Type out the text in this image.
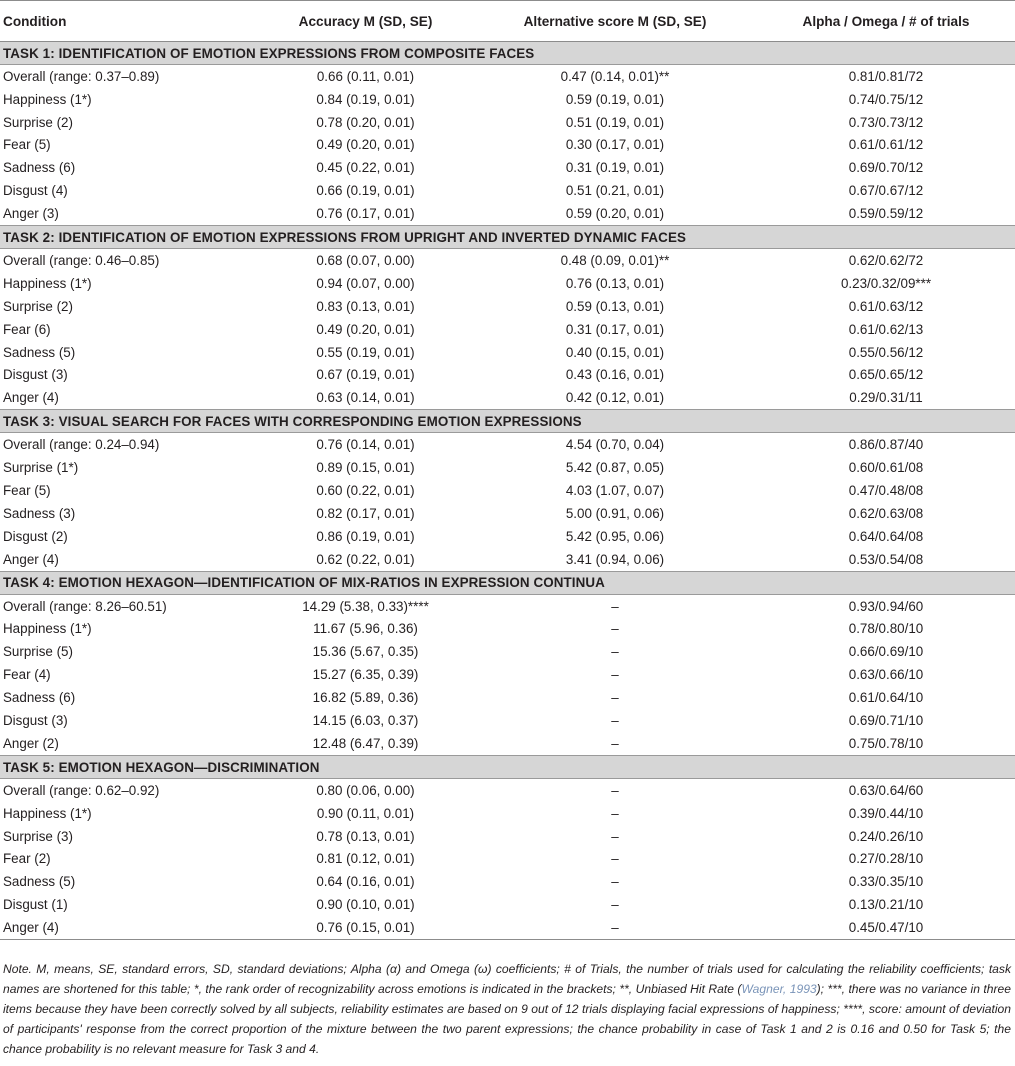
Condition	Accuracy M (SD, SE)	Alternative score M (SD, SE)	Alpha / Omega / # of trials
TASK 1: IDENTIFICATION OF EMOTION EXPRESSIONS FROM COMPOSITE FACES			
Overall (range: 0.37–0.89)	0.66 (0.11, 0.01)	0.47 (0.14, 0.01)**	0.81/0.81/72
Happiness (1*)	0.84 (0.19, 0.01)	0.59 (0.19, 0.01)	0.74/0.75/12
Surprise (2)	0.78 (0.20, 0.01)	0.51 (0.19, 0.01)	0.73/0.73/12
Fear (5)	0.49 (0.20, 0.01)	0.30 (0.17, 0.01)	0.61/0.61/12
Sadness (6)	0.45 (0.22, 0.01)	0.31 (0.19, 0.01)	0.69/0.70/12
Disgust (4)	0.66 (0.19, 0.01)	0.51 (0.21, 0.01)	0.67/0.67/12
Anger (3)	0.76 (0.17, 0.01)	0.59 (0.20, 0.01)	0.59/0.59/12
TASK 2: IDENTIFICATION OF EMOTION EXPRESSIONS FROM UPRIGHT AND INVERTED DYNAMIC FACES			
Overall (range: 0.46–0.85)	0.68 (0.07, 0.00)	0.48 (0.09, 0.01)**	0.62/0.62/72
Happiness (1*)	0.94 (0.07, 0.00)	0.76 (0.13, 0.01)	0.23/0.32/09***
Surprise (2)	0.83 (0.13, 0.01)	0.59 (0.13, 0.01)	0.61/0.63/12
Fear (6)	0.49 (0.20, 0.01)	0.31 (0.17, 0.01)	0.61/0.62/13
Sadness (5)	0.55 (0.19, 0.01)	0.40 (0.15, 0.01)	0.55/0.56/12
Disgust (3)	0.67 (0.19, 0.01)	0.43 (0.16, 0.01)	0.65/0.65/12
Anger (4)	0.63 (0.14, 0.01)	0.42 (0.12, 0.01)	0.29/0.31/11
TASK 3: VISUAL SEARCH FOR FACES WITH CORRESPONDING EMOTION EXPRESSIONS			
Overall (range: 0.24–0.94)	0.76 (0.14, 0.01)	4.54 (0.70, 0.04)	0.86/0.87/40
Surprise (1*)	0.89 (0.15, 0.01)	5.42 (0.87, 0.05)	0.60/0.61/08
Fear (5)	0.60 (0.22, 0.01)	4.03 (1.07, 0.07)	0.47/0.48/08
Sadness (3)	0.82 (0.17, 0.01)	5.00 (0.91, 0.06)	0.62/0.63/08
Disgust (2)	0.86 (0.19, 0.01)	5.42 (0.95, 0.06)	0.64/0.64/08
Anger (4)	0.62 (0.22, 0.01)	3.41 (0.94, 0.06)	0.53/0.54/08
TASK 4: EMOTION HEXAGON—IDENTIFICATION OF MIX-RATIOS IN EXPRESSION CONTINUA			
Overall (range: 8.26–60.51)	14.29 (5.38, 0.33)****	–	0.93/0.94/60
Happiness (1*)	11.67 (5.96, 0.36)	–	0.78/0.80/10
Surprise (5)	15.36 (5.67, 0.35)	–	0.66/0.69/10
Fear (4)	15.27 (6.35, 0.39)	–	0.63/0.66/10
Sadness (6)	16.82 (5.89, 0.36)	–	0.61/0.64/10
Disgust (3)	14.15 (6.03, 0.37)	–	0.69/0.71/10
Anger (2)	12.48 (6.47, 0.39)	–	0.75/0.78/10
TASK 5: EMOTION HEXAGON—DISCRIMINATION			
Overall (range: 0.62–0.92)	0.80 (0.06, 0.00)	–	0.63/0.64/60
Happiness (1*)	0.90 (0.11, 0.01)	–	0.39/0.44/10
Surprise (3)	0.78 (0.13, 0.01)	–	0.24/0.26/10
Fear (2)	0.81 (0.12, 0.01)	–	0.27/0.28/10
Sadness (5)	0.64 (0.16, 0.01)	–	0.33/0.35/10
Disgust (1)	0.90 (0.10, 0.01)	–	0.13/0.21/10
Anger (4)	0.76 (0.15, 0.01)	–	0.45/0.47/10
Note. M, means, SE, standard errors, SD, standard deviations; Alpha (α) and Omega (ω) coefficients; # of Trials, the number of trials used for calculating the reliability coefficients; task names are shortened for this table; *, the rank order of recognizability across emotions is indicated in the brackets; **, Unbiased Hit Rate (Wagner, 1993); ***, there was no variance in three items because they have been correctly solved by all subjects, reliability estimates are based on 9 out of 12 trials displaying facial expressions of happiness; ****, score: amount of deviation of participants' response from the correct proportion of the mixture between the two parent expressions; the chance probability in case of Task 1 and 2 is 0.16 and 0.50 for Task 5; the chance probability is no relevant measure for Task 3 and 4.
